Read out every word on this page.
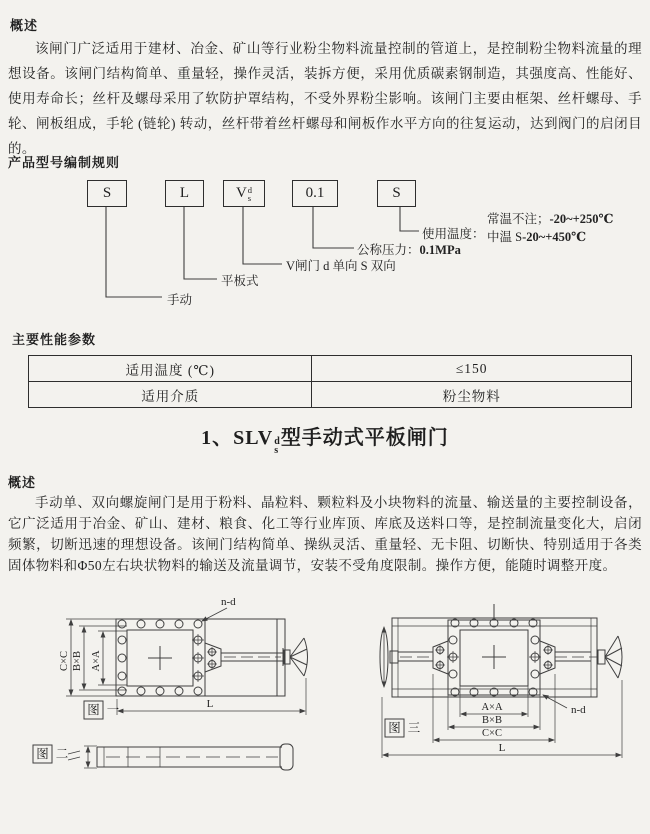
概述
该闸门广泛适用于建材、冶金、矿山等行业粉尘物料流量控制的管道上，是控制粉尘物料流量的理想设备。该闸门结构简单、重量轻，操作灵活，装拆方便，采用优质碳素钢制造，其强度高、性能好、使用寿命长；丝杆及螺母采用了软防护罩结构，不受外界粉尘影响。该闸门主要由框架、丝杆螺母、手轮、闸板组成，手轮 (链轮) 转动，丝杆带着丝杆螺母和闸板作水平方向的往复运动，达到阀门的启闭目的。
产品型号编制规则
S	L	V d
s	0.1	S
手动
平板式
V闸门 d 单向 S 双向
公称压力：0.1MPa
使用温度：
常温不注；-20~+250℃
中温 S-20~+450℃
主要性能参数
适用温度 (℃)	≤150
适用介质	粉尘物料
1、SLV d
s
型手动式平板闸门
概述
手动单、双向螺旋闸门是用于粉料、晶粒料、颗粒料及小块物料的流量、输送量的主要控制设备，它广泛适用于冶金、矿山、建材、粮食、化工等行业库顶、库底及送料口等，是控制流量变化大，启闭频繁，切断迅速的理想设备。该闸门结构简单、操纵灵活、重量轻、无卡阻、切断快、特别适用于各类固体物料和Φ50左右块状物料的输送及流量调节，安装不受角度限制。操作方便，能随时调整开度。
C×C B×B A×A
n-d
L
图 一
图 二
图 三
A×A
B×B
C×C
L
n-d
